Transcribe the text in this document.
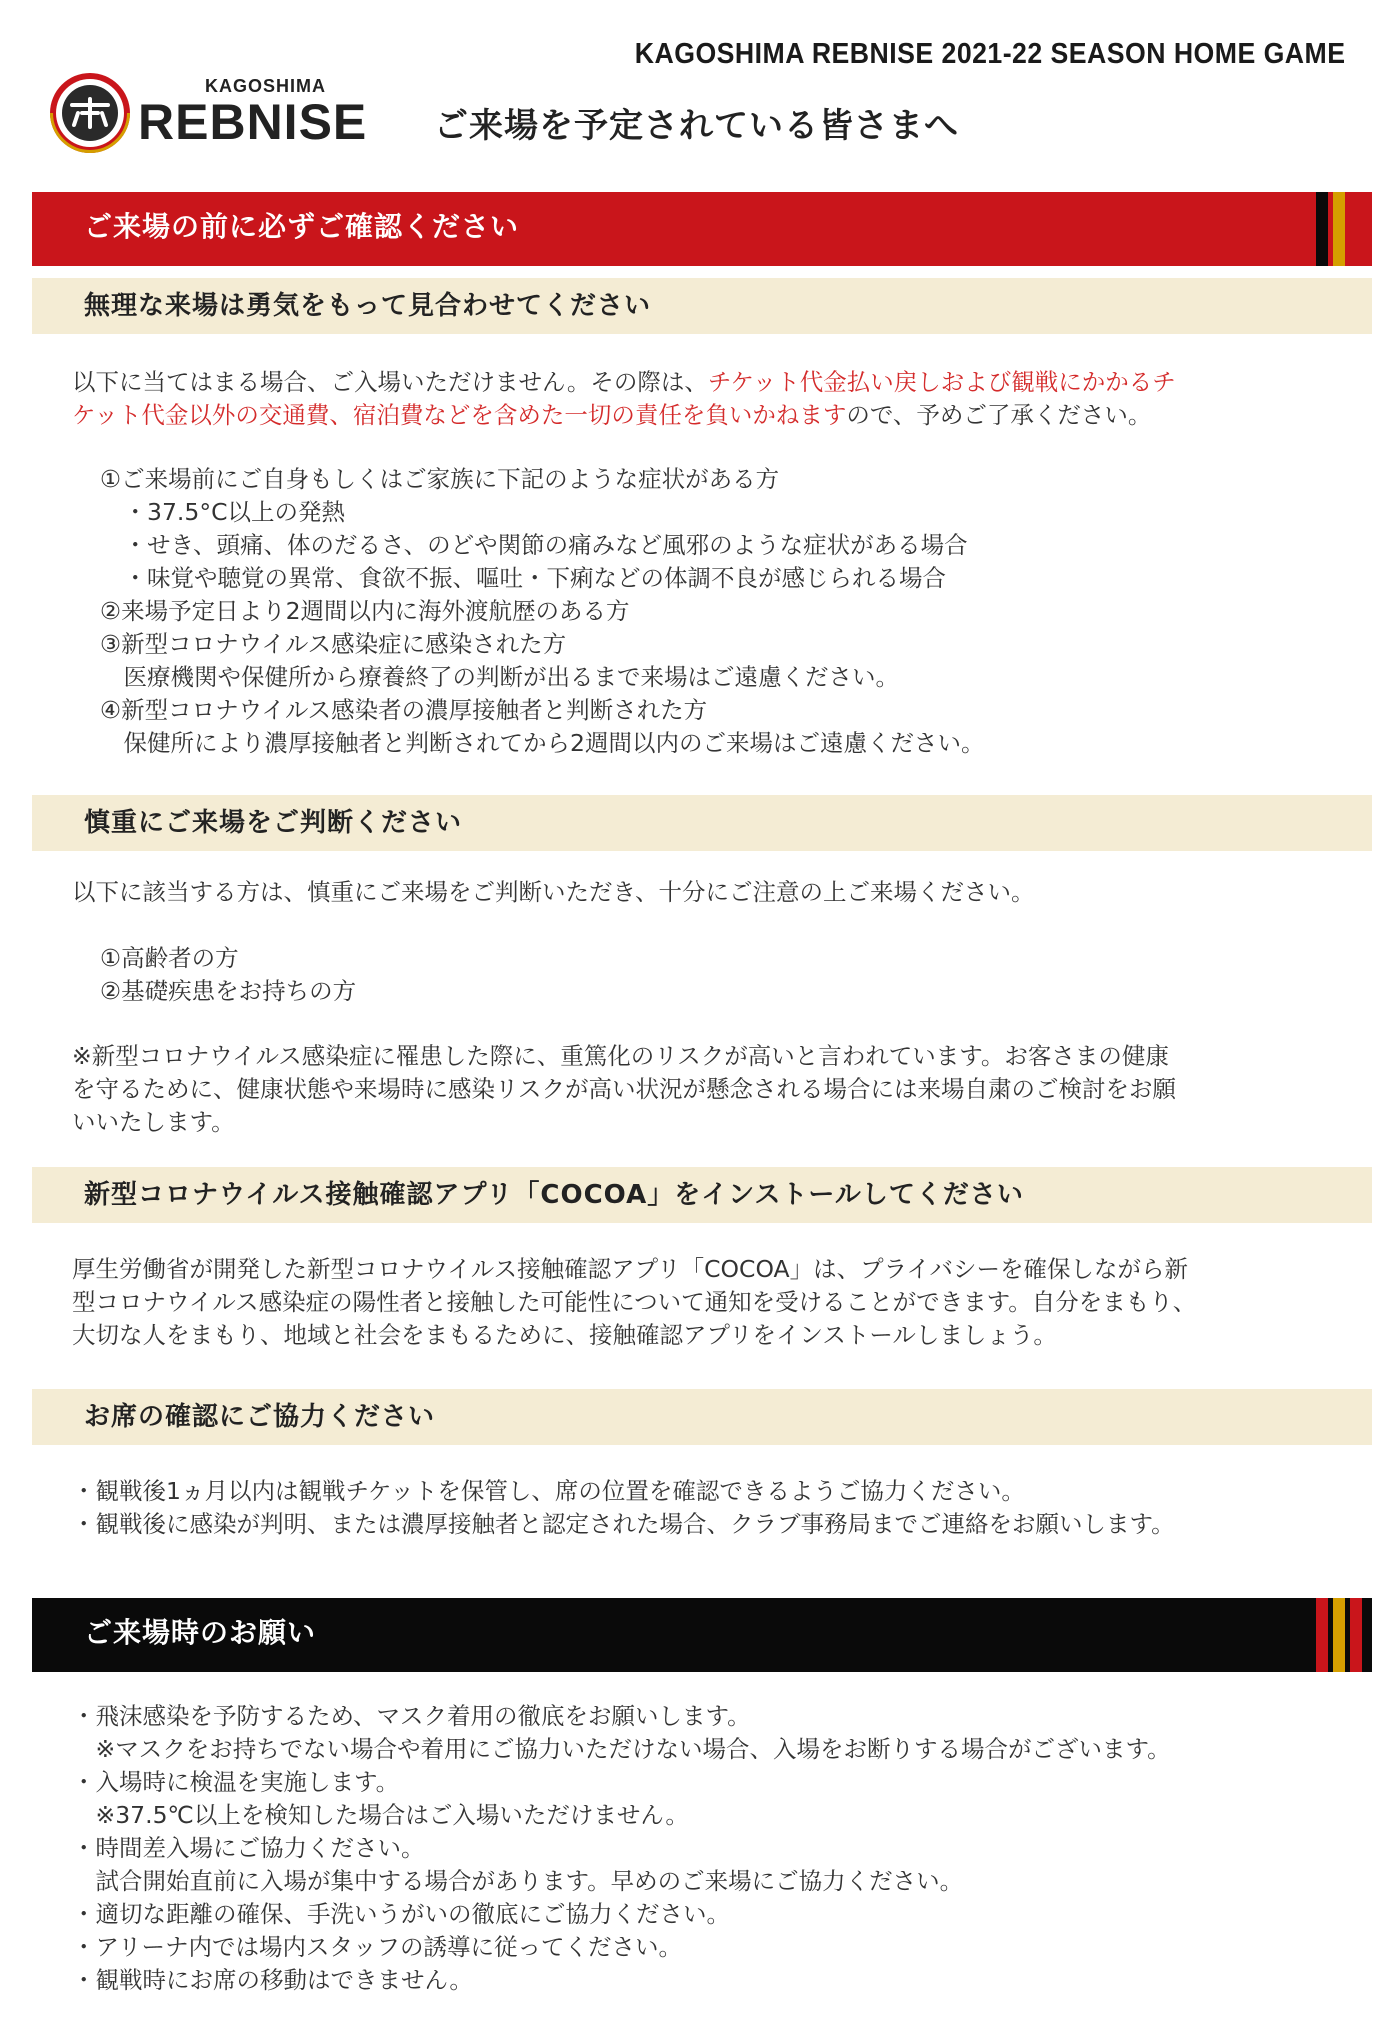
KAGOSHIMA REBNISE 2021-22 SEASON HOME GAME
KAGOSHIMA
REBNISE ご来場を予定されている皆さまへ
ご来場の前に必ずご確認ください
無理な来場は勇気をもって見合わせてください
以下に当てはまる場合、ご入場いただけません。その際は、チケット代金払い戻しおよび観戦にかかるチ
ケット代金以外の交通費、宿泊費などを含めた一切の責任を負いかねますので、予めご了承ください。
①ご来場前にご自身もしくはご家族に下記のような症状がある方
　・37.5°C以上の発熱
　・せき、頭痛、体のだるさ、のどや関節の痛みなど風邪のような症状がある場合
　・味覚や聴覚の異常、食欲不振、嘔吐・下痢などの体調不良が感じられる場合
②来場予定日より2週間以内に海外渡航歴のある方
③新型コロナウイルス感染症に感染された方
　医療機関や保健所から療養終了の判断が出るまで来場はご遠慮ください。
④新型コロナウイルス感染者の濃厚接触者と判断された方
　保健所により濃厚接触者と判断されてから2週間以内のご来場はご遠慮ください。
慎重にご来場をご判断ください
以下に該当する方は、慎重にご来場をご判断いただき、十分にご注意の上ご来場ください。
①高齢者の方
②基礎疾患をお持ちの方
※新型コロナウイルス感染症に罹患した際に、重篤化のリスクが高いと言われています。お客さまの健康
を守るために、健康状態や来場時に感染リスクが高い状況が懸念される場合には来場自粛のご検討をお願
いいたします。
新型コロナウイルス接触確認アプリ「COCOA」をインストールしてください
厚生労働省が開発した新型コロナウイルス接触確認アプリ「COCOA」は、プライバシーを確保しながら新
型コロナウイルス感染症の陽性者と接触した可能性について通知を受けることができます。自分をまもり、
大切な人をまもり、地域と社会をまもるために、接触確認アプリをインストールしましょう。
お席の確認にご協力ください
・観戦後1ヵ月以内は観戦チケットを保管し、席の位置を確認できるようご協力ください。
・観戦後に感染が判明、または濃厚接触者と認定された場合、クラブ事務局までご連絡をお願いします。
ご来場時のお願い
・飛沫感染を予防するため、マスク着用の徹底をお願いします。
　※マスクをお持ちでない場合や着用にご協力いただけない場合、入場をお断りする場合がございます。
・入場時に検温を実施します。
　※37.5℃以上を検知した場合はご入場いただけません。
・時間差入場にご協力ください。
　試合開始直前に入場が集中する場合があります。早めのご来場にご協力ください。
・適切な距離の確保、手洗いうがいの徹底にご協力ください。
・アリーナ内では場内スタッフの誘導に従ってください。
・観戦時にお席の移動はできません。
